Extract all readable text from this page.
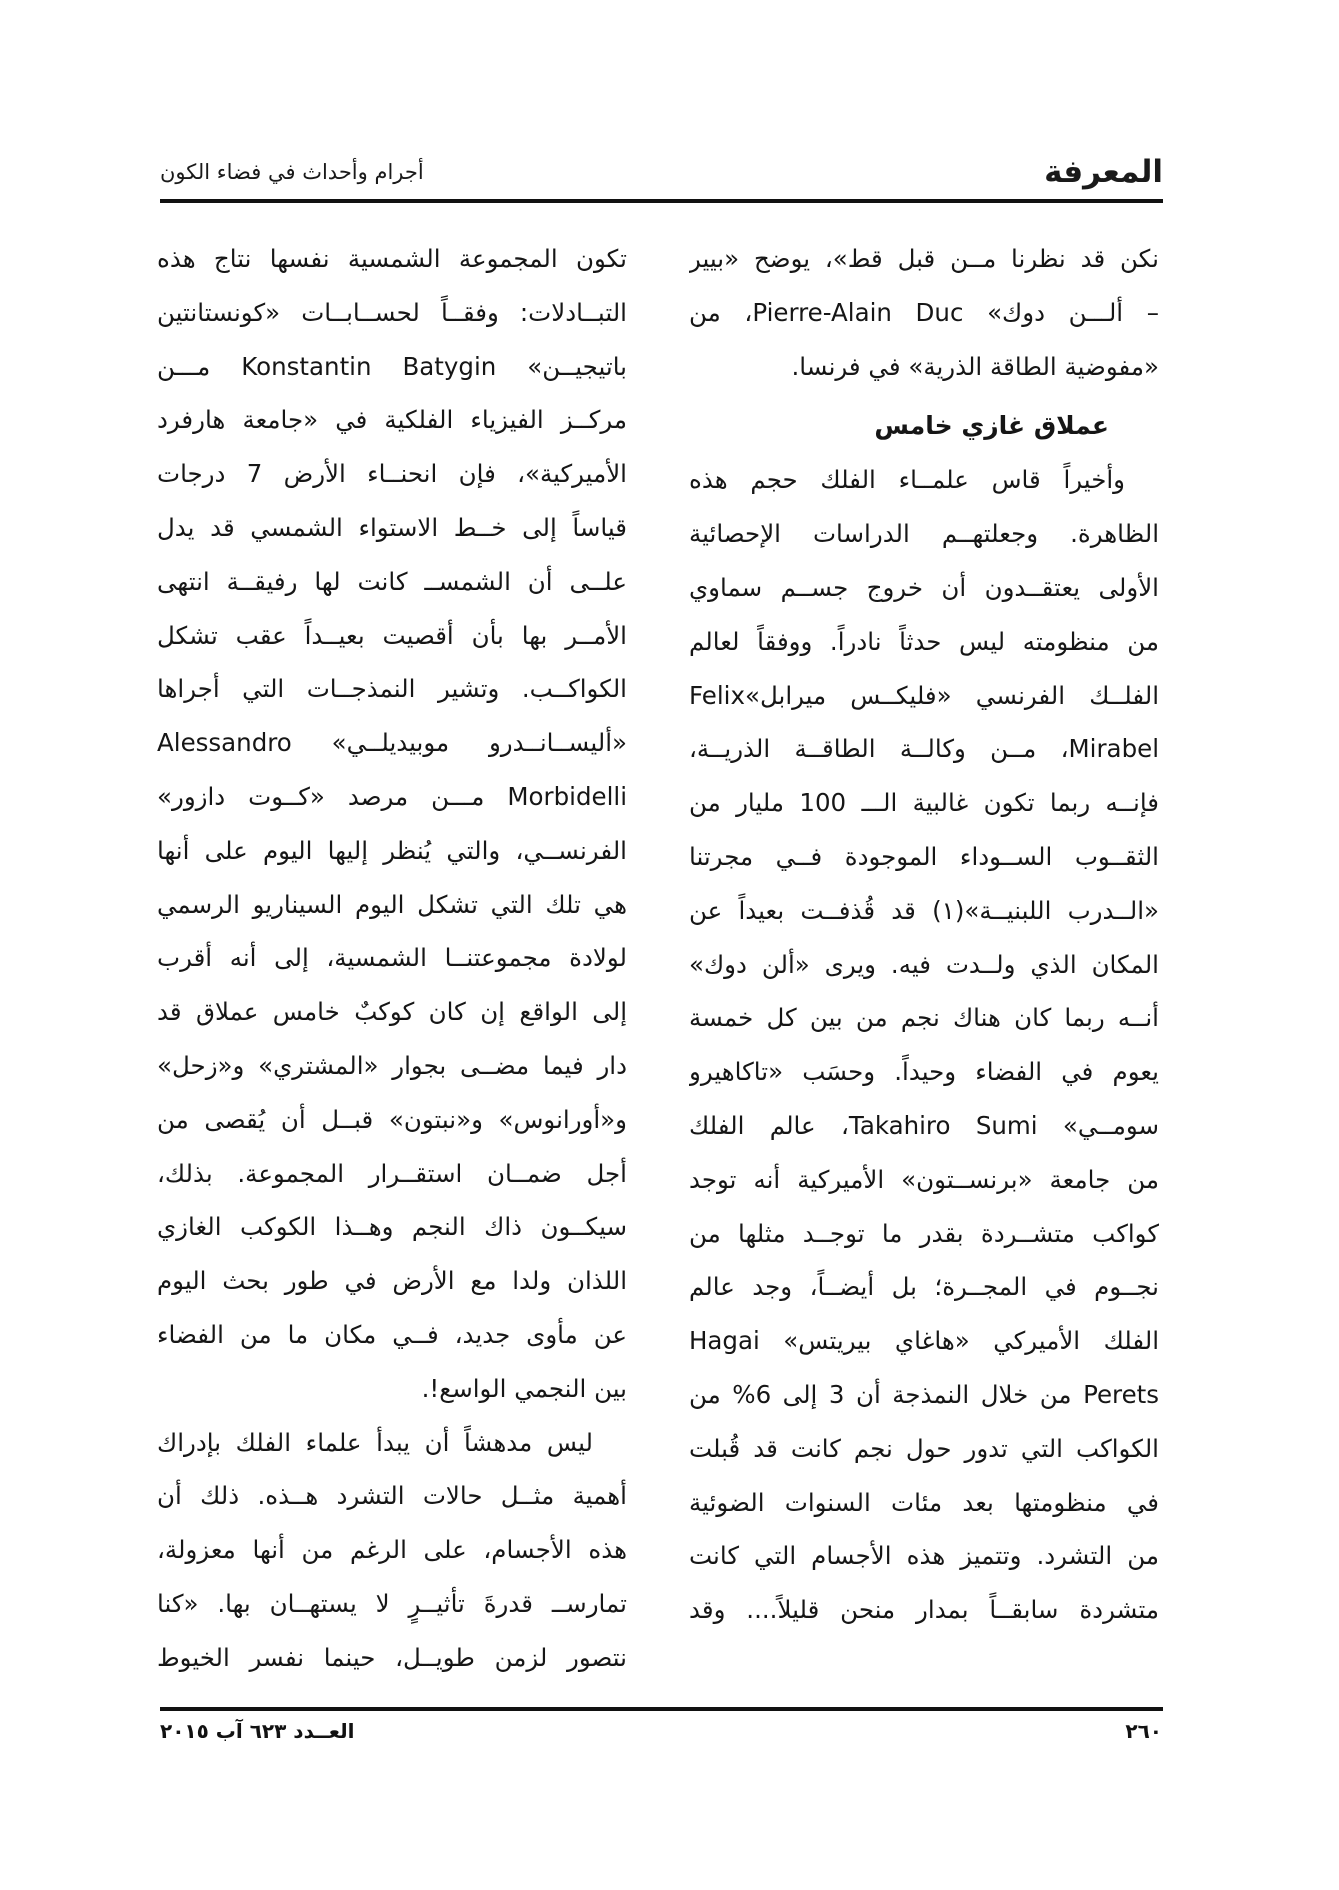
المعرفة
أجرام وأحداث في فضاء الكون

نكن قد نظرنا مــن قبل قط»، يوضح «بيير

– ألـــن دوك» Pierre-Alain Duc، من

«مفوضية الطاقة الذرية» في فرنسا.

عملاق غازي خامس

وأخيراً قاس علمــاء الفلك حجم هذه

الظاهرة. وجعلتهــم الدراسات الإحصائية

الأولى يعتقــدون أن خروج جســم سماوي

من منظومته ليس حدثاً نادراً. ووفقاً لعالم

الفلــك الفرنسي «فليكــس ميرابل»Felix

Mirabel، مــن وكالــة الطاقــة الذريــة،

فإنــه ربما تكون غالبية الـــ 100 مليار من

الثقــوب الســوداء الموجودة فــي مجرتنا

«الــدرب اللبنيــة»(١) قد قُذفــت بعيداً عن

المكان الذي ولــدت فيه. ويرى «ألن دوك»

أنــه ربما كان هناك نجم من بين كل خمسة

يعوم في الفضاء وحيداً. وحسَب «تاكاهيرو

سومــي» Takahiro Sumi، عالم الفلك

من جامعة «برنســتون» الأميركية أنه توجد

كواكب متشــردة بقدر ما توجــد مثلها من

نجــوم في المجــرة؛ بل أيضــاً، وجد عالم

الفلك الأميركي «هاغاي بيريتس» Hagai

Perets من خلال النمذجة أن 3 إلى 6% من

الكواكب التي تدور حول نجم كانت قد قُبلت

في منظومتها بعد مئات السنوات الضوئية

من التشرد. وتتميز هذه الأجسام التي كانت

متشردة سابقــاً بمدار منحن قليلاً.... وقد

تكون المجموعة الشمسية نفسها نتاج هذه

التبــادلات: وفقــاً لحســابــات «كونستانتين

باتيجيــن» Konstantin Batygin مـــن

مركــز الفيزياء الفلكية في «جامعة هارفرد

الأميركية»، فإن انحنــاء الأرض 7 درجات

قياساً إلى خــط الاستواء الشمسي قد يدل

علــى أن الشمســ كانت لها رفيقــة انتهى

الأمــر بها بأن أقصيت بعيــداً عقب تشكل

الكواكــب. وتشير النمذجــات التي أجراها

«أليســانــدرو موبيديلــي» Alessandro

Morbidelli مـــن مرصد «كــوت دازور»

الفرنســي، والتي يُنظر إليها اليوم على أنها

هي تلك التي تشكل اليوم السيناريو الرسمي

لولادة مجموعتنــا الشمسية، إلى أنه أقرب

إلى الواقع إن كان كوكبٌ خامس عملاق قد

دار فيما مضــى بجوار «المشتري» و«زحل»

و«أورانوس» و«نبتون» قبــل أن يُقصى من

أجل ضمــان استقــرار المجموعة. بذلك،

سيكــون ذاك النجم وهــذا الكوكب الغازي

اللذان ولدا مع الأرض في طور بحث اليوم

عن مأوى جديد، فــي مكان ما من الفضاء

بين النجمي الواسع!.

ليس مدهشاً أن يبدأ علماء الفلك بإدراك

أهمية مثــل حالات التشرد هــذه. ذلك أن

هذه الأجسام، على الرغم من أنها معزولة،

تمارســ قدرةَ تأثيــرٍ لا يستهــان بها. «كنا

نتصور لزمن طويــل، حينما نفسر الخيوط

٢٦٠
العــدد ٦٢٣ آب ٢٠١٥
